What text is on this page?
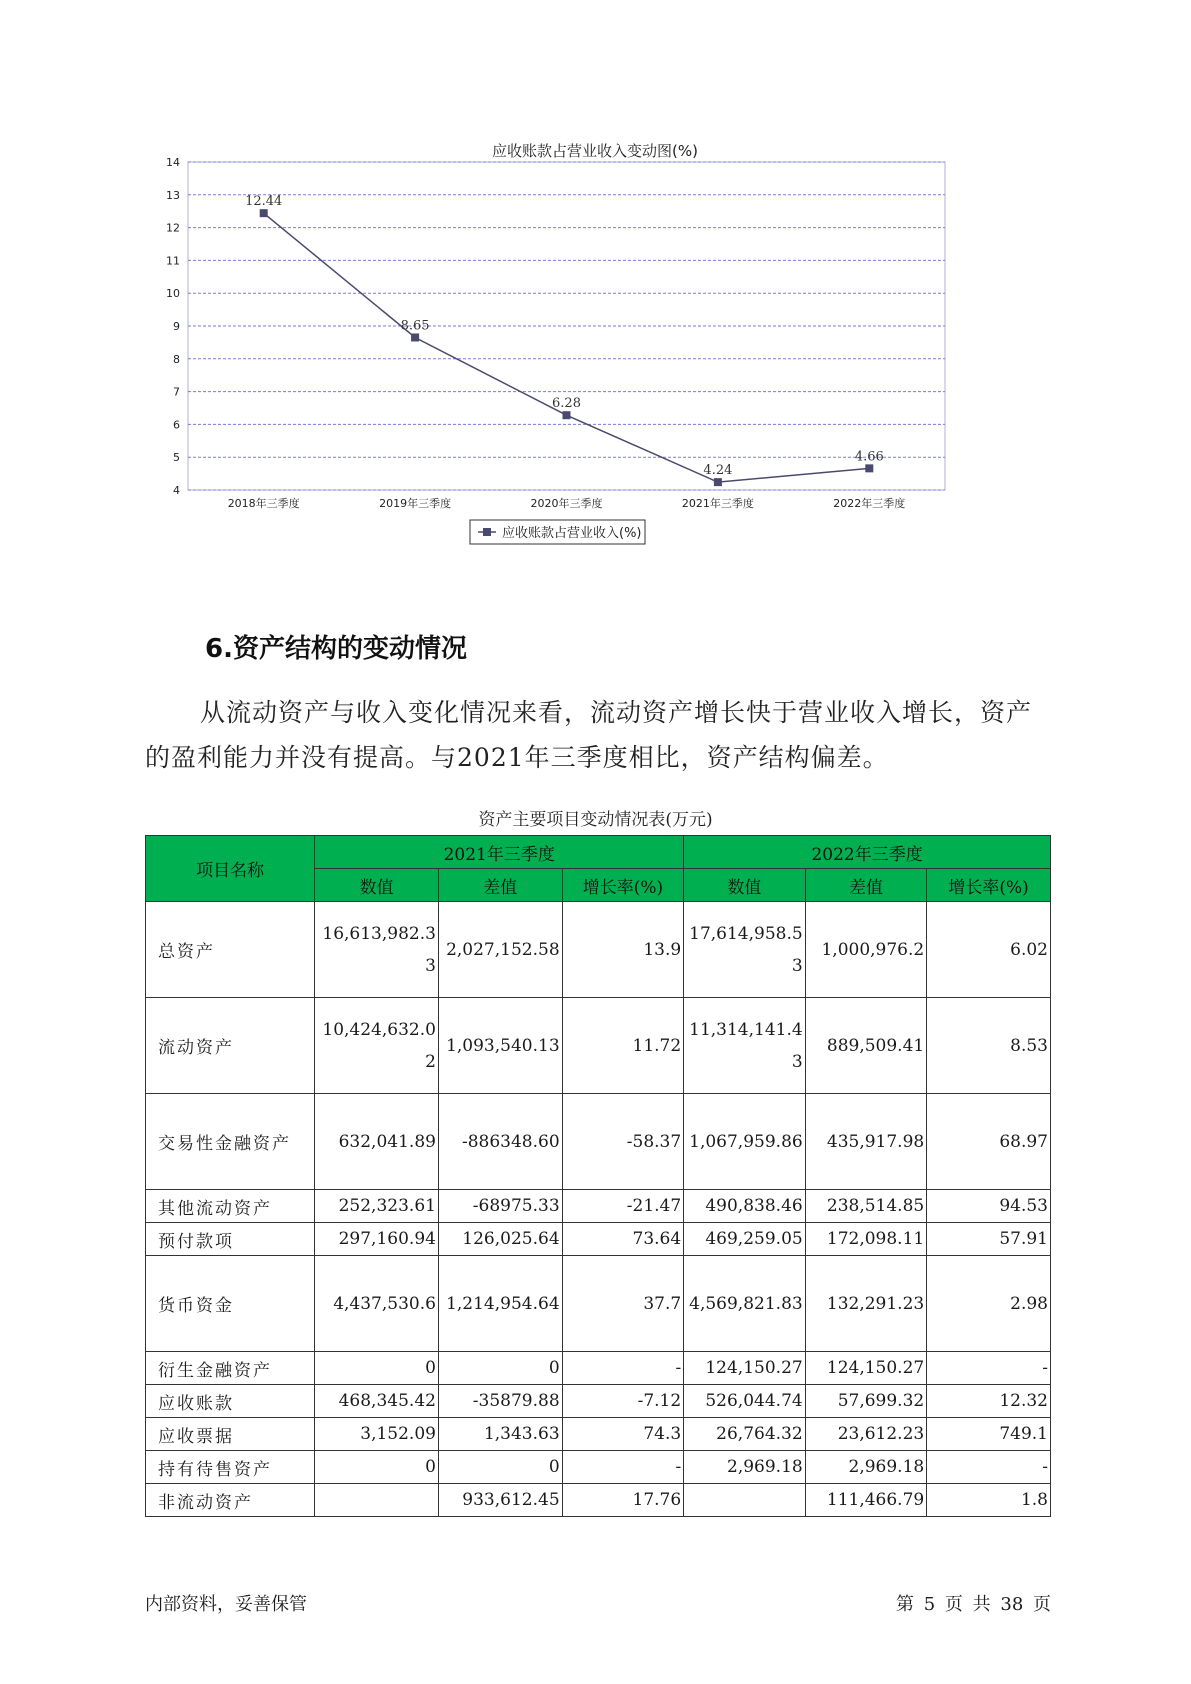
应收账款占营业收入变动图(%)
4
5
6
7
8
9
10
11
12
13
14
2018年三季度	2019年三季度	2020年三季度	2021年三季度	2022年三季度
12.44
8.65
6.28
4.24
4.66
应收账款占营业收入(%)
6.资产结构的变动情况

从流动资产与收入变化情况来看，流动资产增长快于营业收入增长，资产的盈利能力并没有提高。与2021年三季度相比，资产结构偏差。

资产主要项目变动情况表(万元)
项目名称	2021年三季度			2022年三季度		
	数值	差值	增长率(%)	数值	差值	增长率(%)
总资产	16,613,982.33	2,027,152.58	13.9	17,614,958.53	1,000,976.2	6.02
流动资产	10,424,632.02	1,093,540.13	11.72	11,314,141.43	889,509.41	8.53
交易性金融资产	632,041.89	-886348.60	-58.37	1,067,959.86	435,917.98	68.97
其他流动资产	252,323.61	-68975.33	-21.47	490,838.46	238,514.85	94.53
预付款项	297,160.94	126,025.64	73.64	469,259.05	172,098.11	57.91
货币资金	4,437,530.6	1,214,954.64	37.7	4,569,821.83	132,291.23	2.98
衍生金融资产	0	0	-	124,150.27	124,150.27	-
应收账款	468,345.42	-35879.88	-7.12	526,044.74	57,699.32	12.32
应收票据	3,152.09	1,343.63	74.3	26,764.32	23,612.23	749.1
持有待售资产	0	0	-	2,969.18	2,969.18	-
非流动资产		933,612.45	17.76		111,466.79	1.8
内部资料，妥善保管	第 5 页 共 38 页
